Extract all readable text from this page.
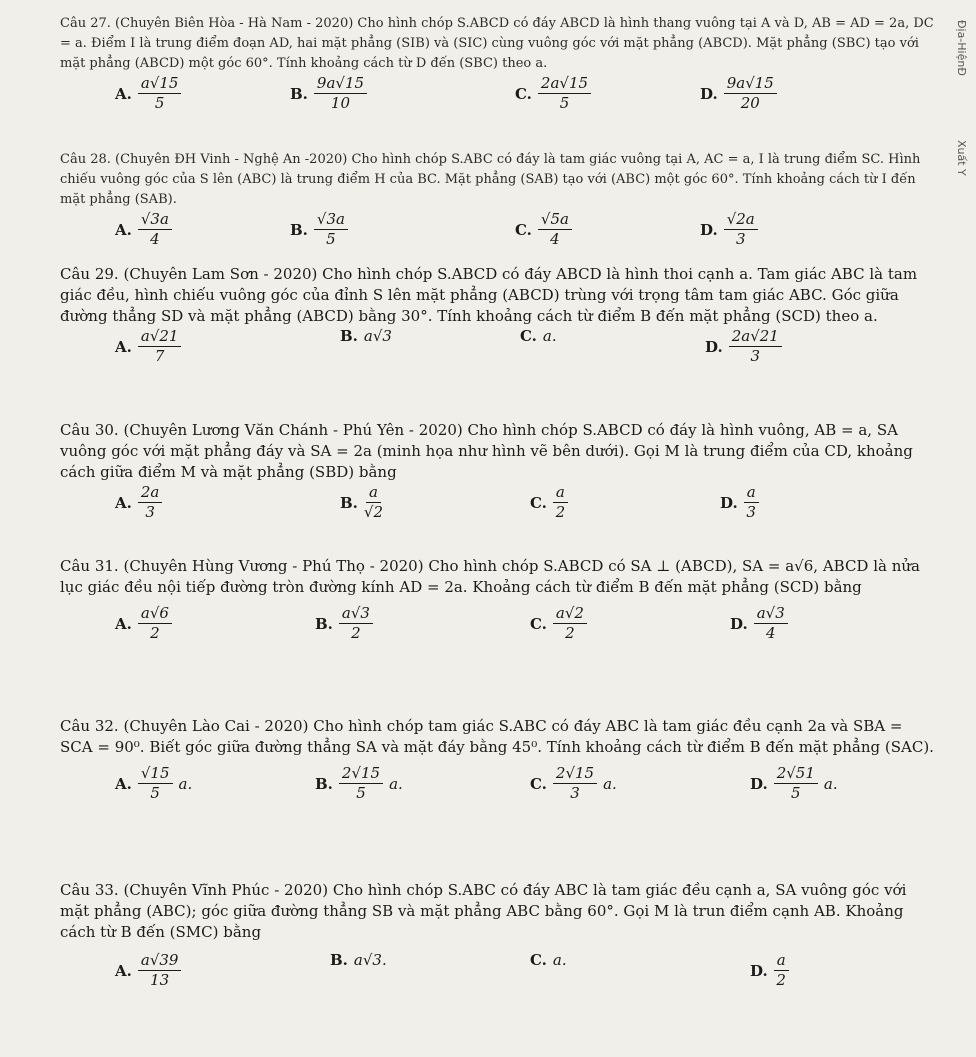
Câu 27. (Chuyên Biên Hòa - Hà Nam - 2020) Cho hình chóp S.ABCD có đáy ABCD là hình thang vuông tại A và D, AB = AD = 2a, DC = a. Điểm I là trung điểm đoạn AD, hai mặt phẳng (SIB) và (SIC) cùng vuông góc với mặt phẳng (ABCD). Mặt phẳng (SBC) tạo với mặt phẳng (ABCD) một góc 60°. Tính khoảng cách từ D đến (SBC) theo a.

A. $\frac{a√15}{5}$	B. $\frac{9a√15}{10}$	C. $\frac{2a√15}{5}$	D. $\frac{9a√15}{20}$

Câu 28. (Chuyên ĐH Vinh - Nghệ An -2020) Cho hình chóp S.ABC có đáy là tam giác vuông tại A, AC = a, I là trung điểm SC. Hình chiếu vuông góc của S lên (ABC) là trung điểm H của BC. Mặt phẳng (SAB) tạo với (ABC) một góc 60°. Tính khoảng cách từ I đến mặt phẳng (SAB).

A. $\frac{√3a}{4}$	B. $\frac{√3a}{5}$	C. $\frac{√5a}{4}$	D. $\frac{√2a}{3}$

Câu 29. (Chuyên Lam Sơn - 2020) Cho hình chóp S.ABCD có đáy ABCD là hình thoi cạnh a. Tam giác ABC là tam giác đều, hình chiếu vuông góc của đỉnh S lên mặt phẳng (ABCD) trùng với trọng tâm tam giác ABC. Góc giữa đường thẳng SD và mặt phẳng (ABCD) bằng 30°. Tính khoảng cách từ điểm B đến mặt phẳng (SCD) theo a.

A. $\frac{a√21}{7}$	B. a√3	C. a.
D. $\frac{2a√21}{3}$

Câu 30. (Chuyên Lương Văn Chánh - Phú Yên - 2020) Cho hình chóp S.ABCD có đáy là hình vuông, AB = a, SA vuông góc với mặt phẳng đáy và SA = 2a (minh họa như hình vẽ bên dưới). Gọi M là trung điểm của CD, khoảng cách giữa điểm M và mặt phẳng (SBD) bằng

A. $\frac{2a}{3}$	B. $\frac{a}{√2}$	C. $\frac{a}{2}$	D. $\frac{a}{3}$

Câu 31. (Chuyên Hùng Vương - Phú Thọ - 2020) Cho hình chóp S.ABCD có SA ⊥ (ABCD), SA = a√6, ABCD là nửa lục giác đều nội tiếp đường tròn đường kính AD = 2a. Khoảng cách từ điểm B đến mặt phẳng (SCD) bằng

A. $\frac{a√6}{2}$	B. $\frac{a√3}{2}$	C. $\frac{a√2}{2}$	D. $\frac{a√3}{4}$

Câu 32. (Chuyên Lào Cai - 2020) Cho hình chóp tam giác S.ABC có đáy ABC là tam giác đều cạnh 2a và SBA = SCA = 90⁰. Biết góc giữa đường thẳng SA và mặt đáy bằng 45⁰. Tính khoảng cách từ điểm B đến mặt phẳng (SAC).

A. $\frac{√15}{5} a$.	B. $\frac{2√15}{5} a$.	C. $\frac{2√15}{3} a$.	D. $\frac{2√51}{5} a$.

Câu 33. (Chuyên Vĩnh Phúc - 2020) Cho hình chóp S.ABC có đáy ABC là tam giác đều cạnh a, SA vuông góc với mặt phẳng (ABC); góc giữa đường thẳng SB và mặt phẳng ABC bằng 60°. Gọi M là trun điểm cạnh AB. Khoảng cách từ B đến (SMC) bằng

A. $\frac{a√39}{13}$	B. a√3.	C. a.
D. $\frac{a}{2}$
Địa-HiệnĐ
Xuất Y
